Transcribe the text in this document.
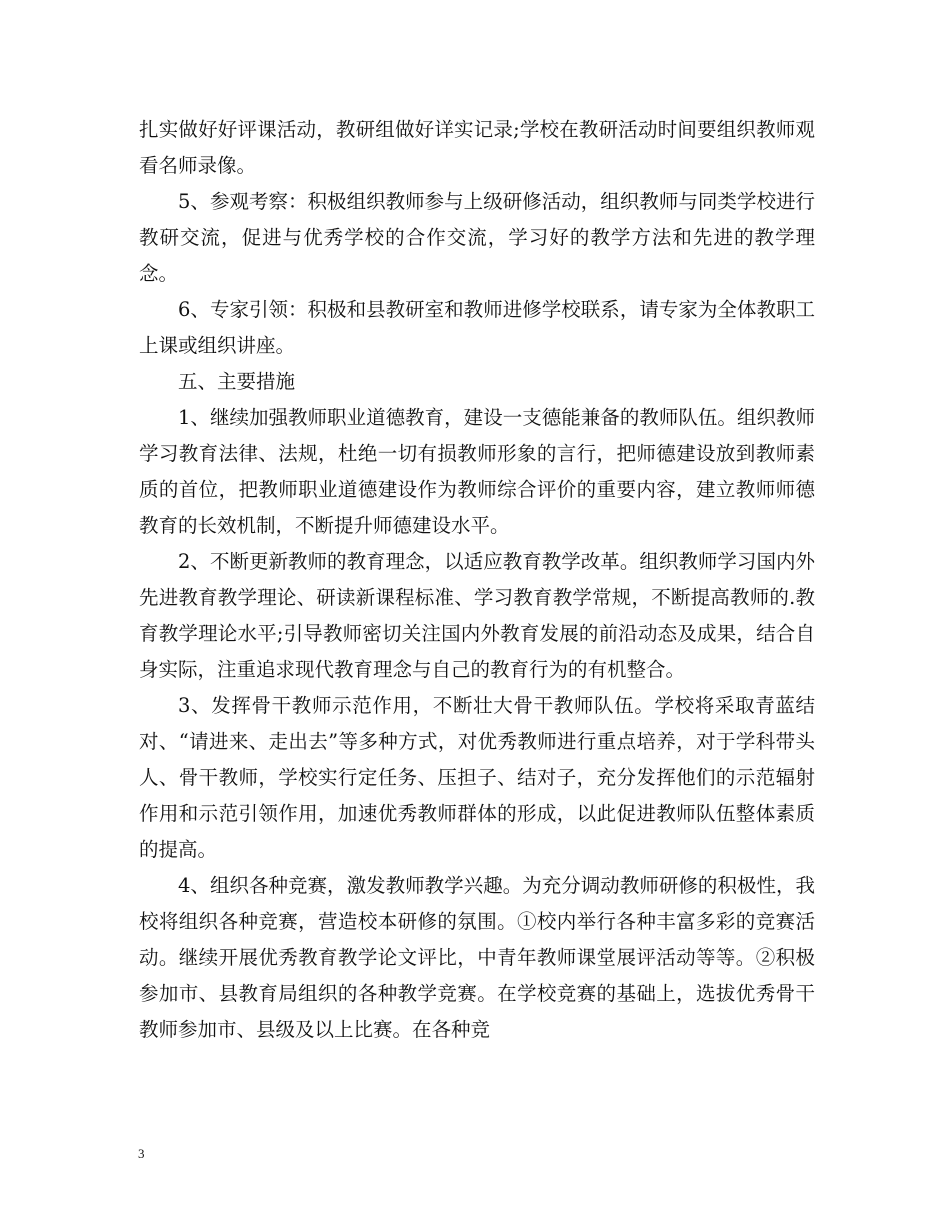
扎实做好好评课活动，教研组做好详实记录;学校在教研活动时间要组织教师观看名师录像。

5、参观考察：积极组织教师参与上级研修活动，组织教师与同类学校进行教研交流，促进与优秀学校的合作交流，学习好的教学方法和先进的教学理念。

6、专家引领：积极和县教研室和教师进修学校联系，请专家为全体教职工上课或组织讲座。

五、主要措施

1、继续加强教师职业道德教育，建设一支德能兼备的教师队伍。组织教师学习教育法律、法规，杜绝一切有损教师形象的言行，把师德建设放到教师素质的首位，把教师职业道德建设作为教师综合评价的重要内容，建立教师师德教育的长效机制，不断提升师德建设水平。

2、不断更新教师的教育理念，以适应教育教学改革。组织教师学习国内外先进教育教学理论、研读新课程标准、学习教育教学常规，不断提高教师的.教育教学理论水平;引导教师密切关注国内外教育发展的前沿动态及成果，结合自身实际，注重追求现代教育理念与自己的教育行为的有机整合。

3、发挥骨干教师示范作用，不断壮大骨干教师队伍。学校将采取青蓝结对、“请进来、走出去”等多种方式，对优秀教师进行重点培养，对于学科带头人、骨干教师，学校实行定任务、压担子、结对子，充分发挥他们的示范辐射作用和示范引领作用，加速优秀教师群体的形成，以此促进教师队伍整体素质的提高。

4、组织各种竞赛，激发教师教学兴趣。为充分调动教师研修的积极性，我校将组织各种竞赛，营造校本研修的氛围。①校内举行各种丰富多彩的竞赛活动。继续开展优秀教育教学论文评比，中青年教师课堂展评活动等等。②积极参加市、县教育局组织的各种教学竞赛。在学校竞赛的基础上，选拔优秀骨干教师参加市、县级及以上比赛。在各种竞

3
